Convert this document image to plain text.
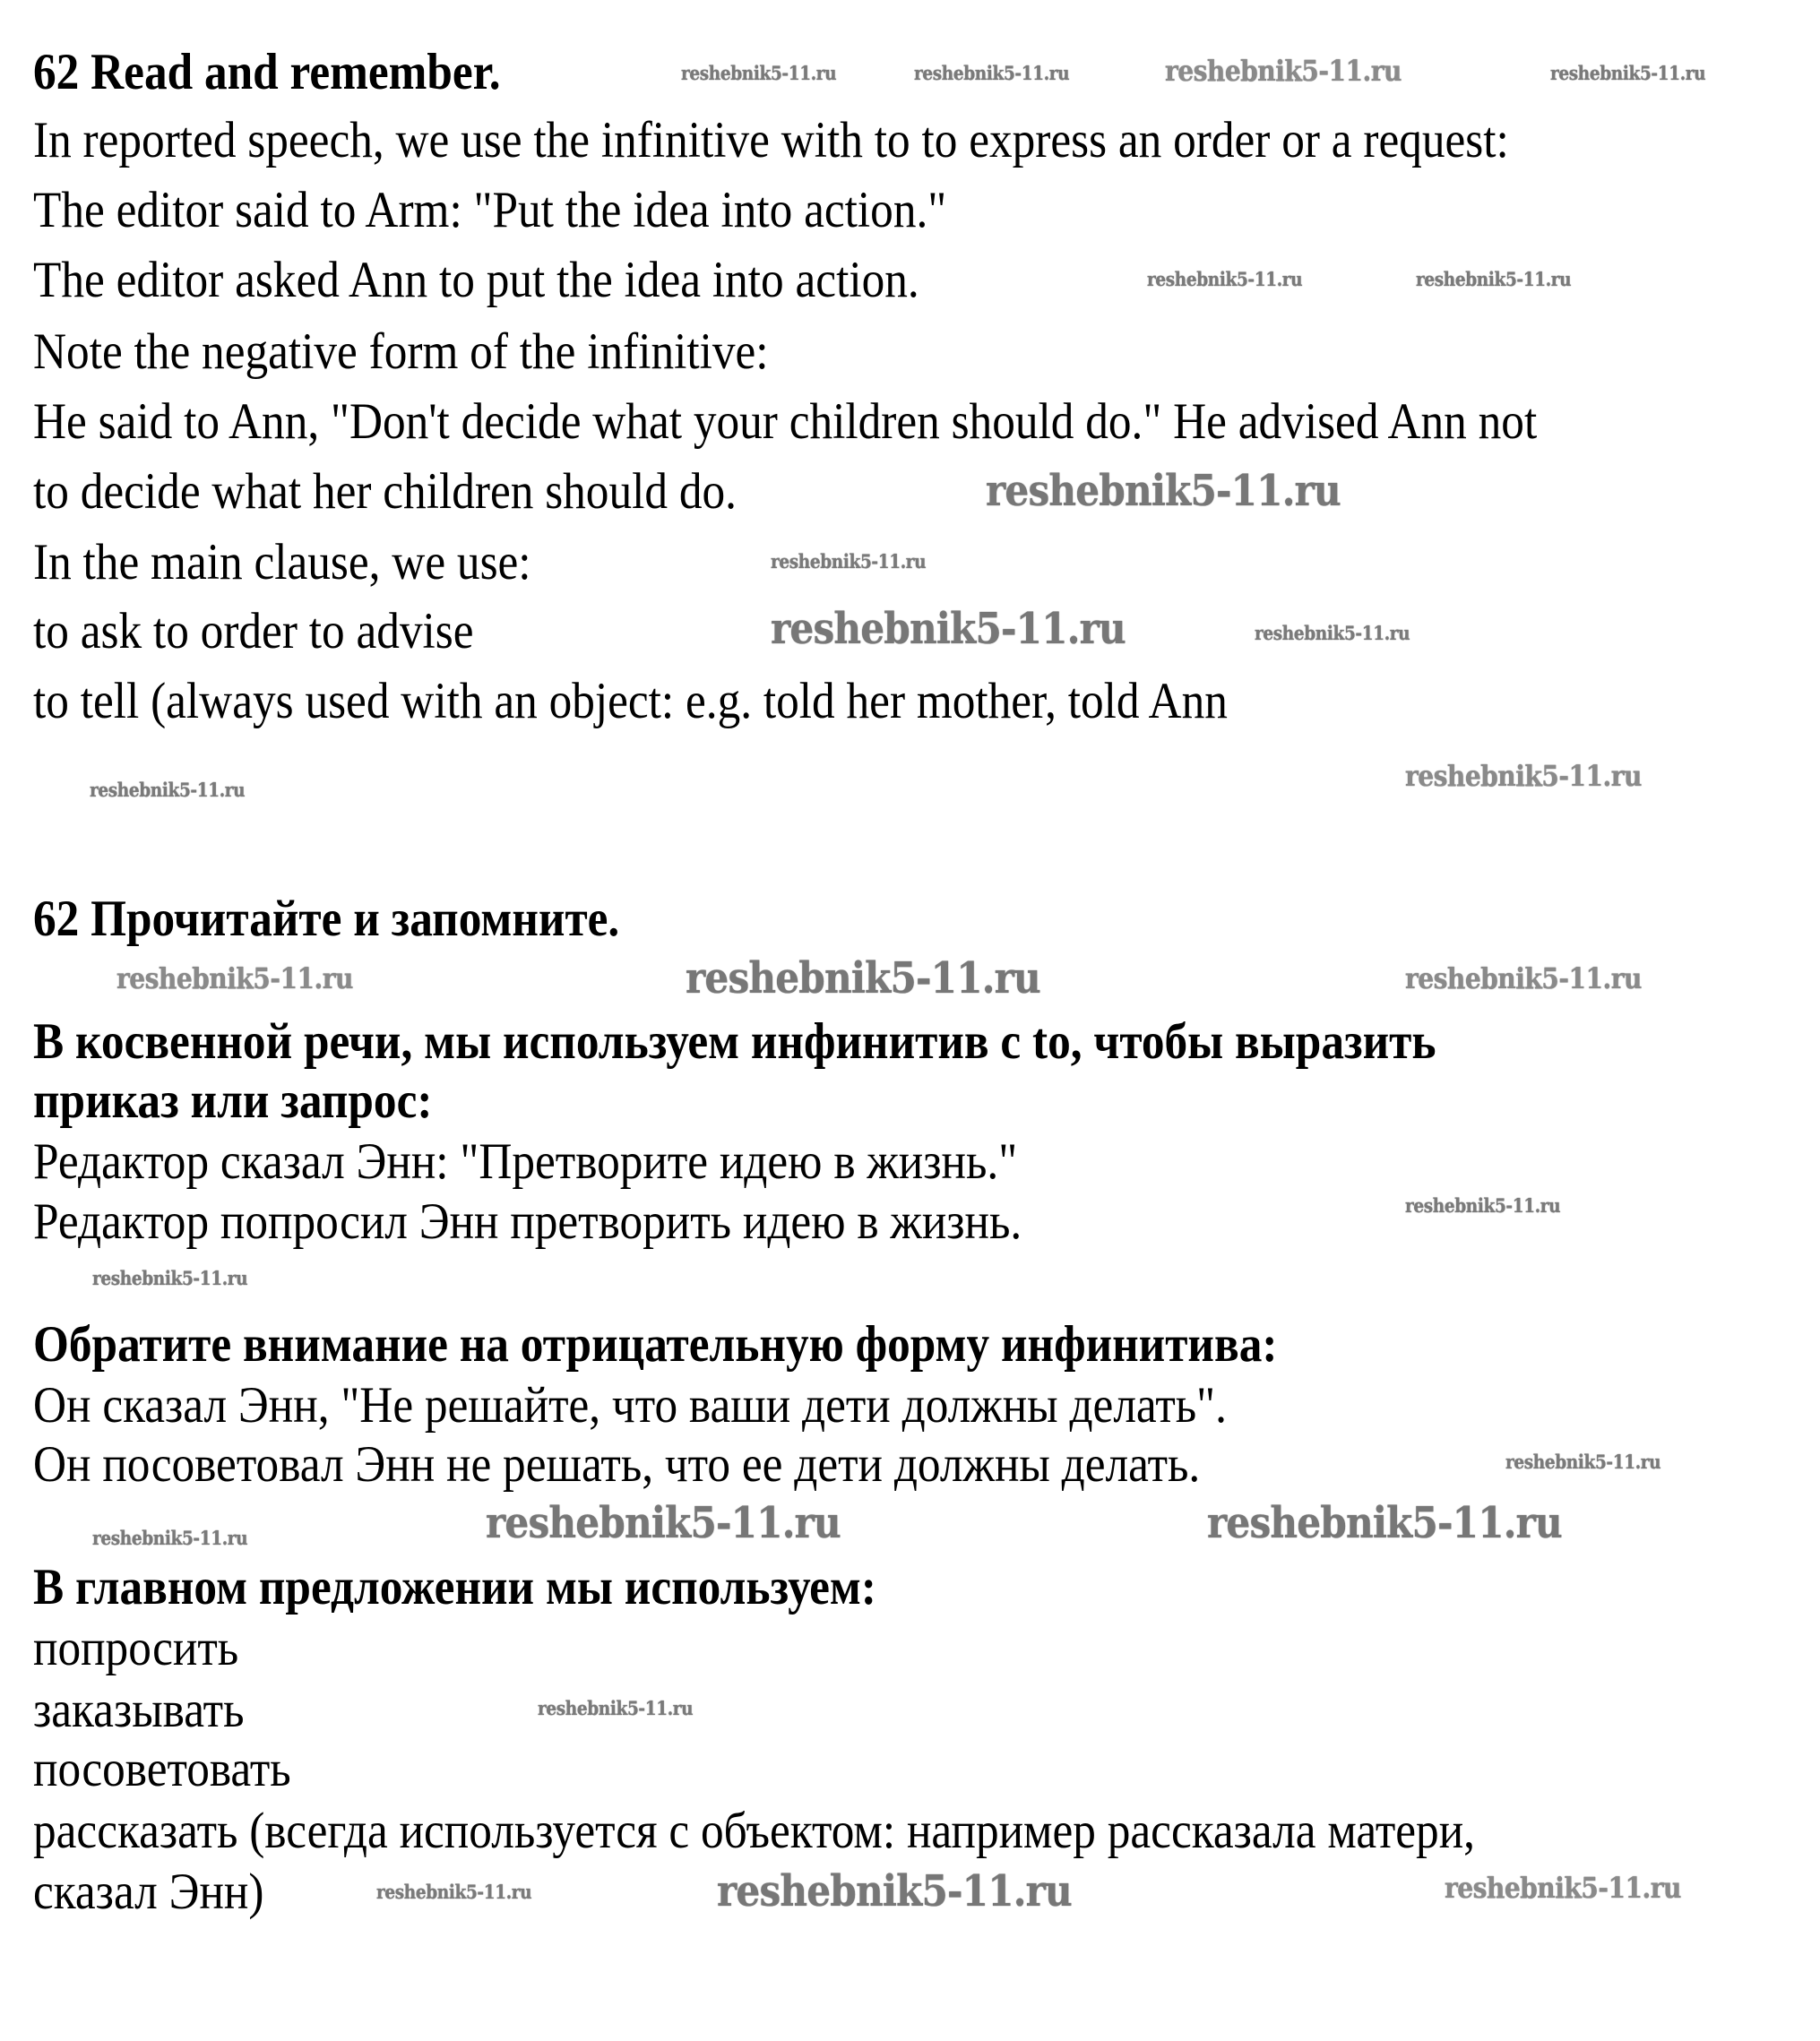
62 Read and remember.
In reported speech, we use the infinitive with to to express an order or a request:
The editor said to Arm: "Put the idea into action."
The editor asked Ann to put the idea into action.
Note the negative form of the infinitive:
He said to Ann, "Don't decide what your children should do." He advised Ann not
to decide what her children should do.
In the main clause, we use:
to ask to order to advise
to tell (always used with an object: e.g. told her mother, told Ann
62 Прочитайте и запомните.
В косвенной речи, мы используем инфинитив с to, чтобы выразить
приказ или запрос:
Редактор сказал Энн: "Претворите идею в жизнь."
Редактор попросил Энн претворить идею в жизнь.
Обратите внимание на отрицательную форму инфинитива:
Он сказал Энн, "Не решайте, что ваши дети должны делать".
Он посоветовал Энн не решать, что ее дети должны делать.
В главном предложении мы используем:
попросить
заказывать
посоветовать
рассказать (всегда используется с объектом: например рассказала матери,
сказал Энн)
reshebnik5-11.ru	reshebnik5-11.ru	reshebnik5-11.ru
reshebnik5-11.ru	reshebnik5-11.ru
reshebnik5-11.ru
reshebnik5-11.ru
reshebnik5-11.ru
reshebnik5-11.ru
reshebnik5-11.ru
reshebnik5-11.ru
reshebnik5-11.ru
reshebnik5-11.ru
reshebnik5-11.ru
reshebnik5-11.ru
reshebnik5-11.ru
reshebnik5-11.ru	reshebnik5-11.ru
reshebnik5-11.ru
reshebnik5-11.ru
reshebnik5-11.ru
reshebnik5-11.ru
reshebnik5-11.ru	reshebnik5-11.ru
reshebnik5-11.ru
